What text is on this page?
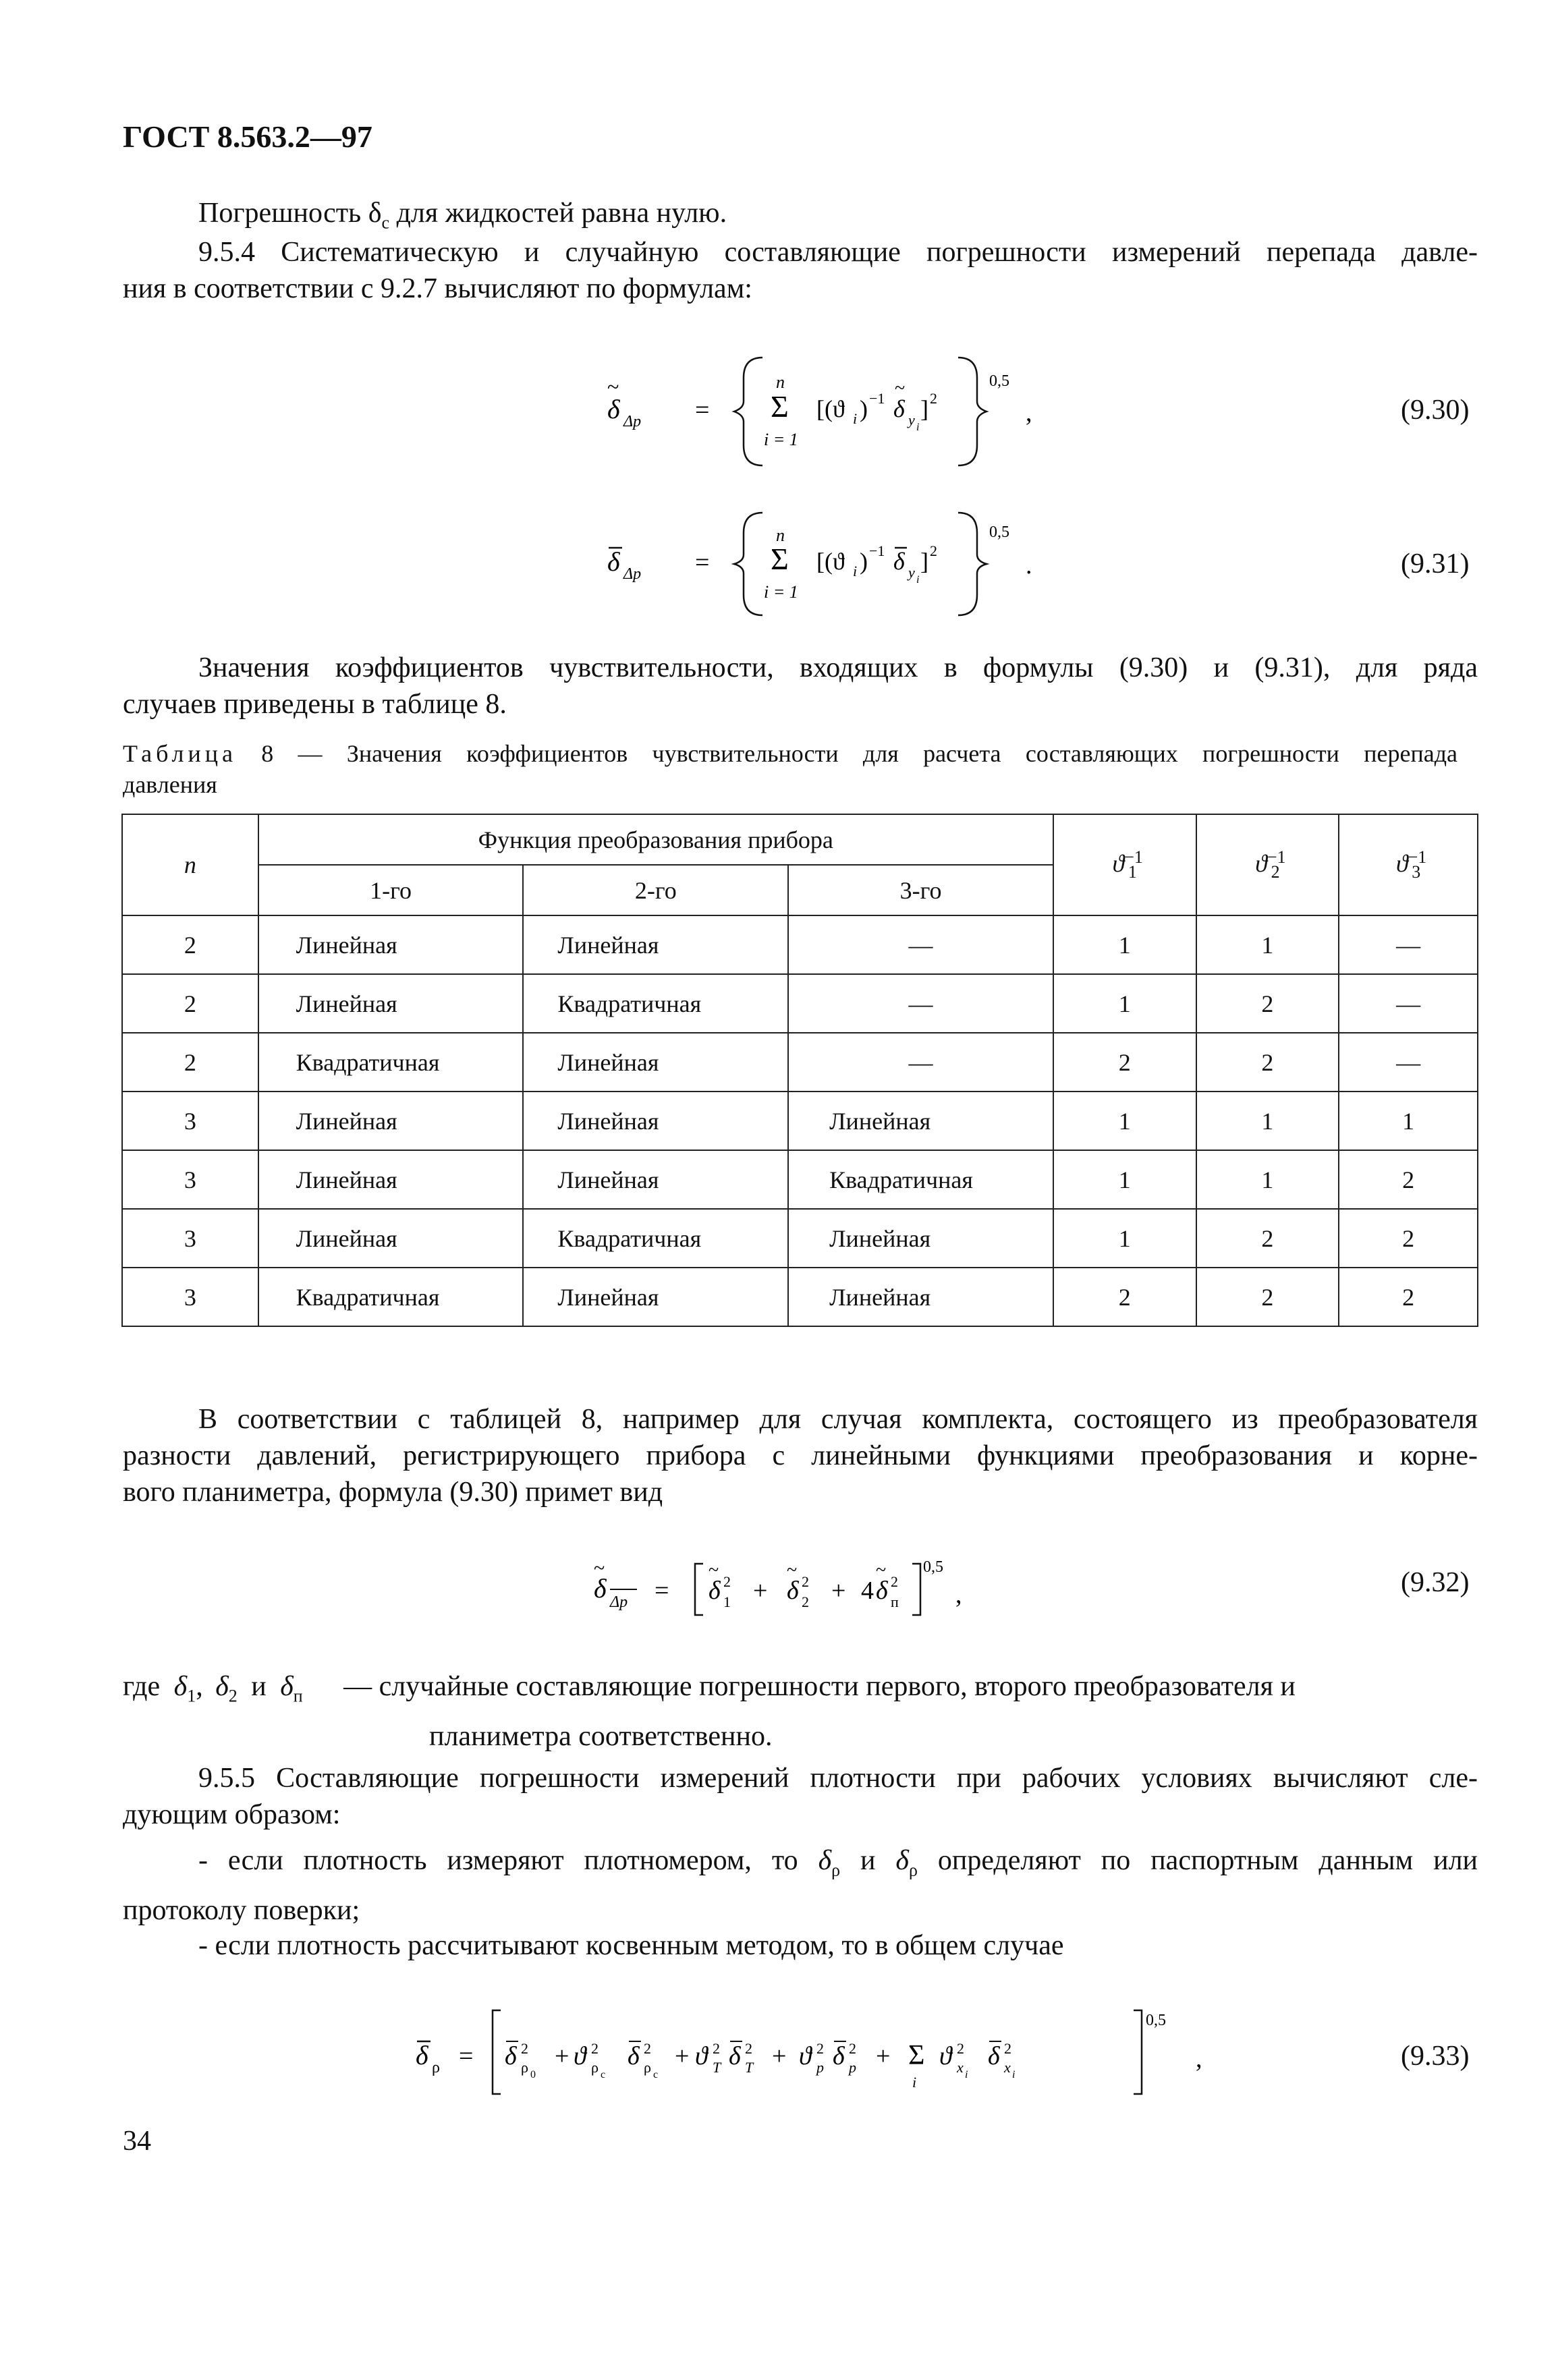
ГОСТ 8.563.2—97
Погрешность $\delta_c$ для жидкостей равна нулю.
9.5.4 Систематическую и случайную составляющие погрешности измерений перепада давле-
ния в соответствии с 9.2.7 вычисляют по формулам:
δ
~
Δp =
n
Σ
i = 1
[(ϑ i ) −1 δ
~
y i
] 2
0,5
,	(9.30)
δ Δp =
n
Σ
i = 1
[(ϑ i ) −1 δ y i
] 2
0,5
.	(9.31)
Значения коэффициентов чувствительности, входящих в формулы (9.30) и (9.31), для ряда
случаев приведены в таблице 8.
Таблица 8 — Значения коэффициентов чувствительности для расчета составляющих погрешности перепада
давления
n	Функция преобразования прибора			$ϑ^{-1}_1$	$ϑ^{-1}_2$	$ϑ^{-1}_3$
	1-го	2-го	3-го			
2	Линейная	Линейная	—	1	1	—
2	Линейная	Квадратичная	—	1	2	—
2	Квадратичная	Линейная	—	2	2	—
3	Линейная	Линейная	Линейная	1	1	1
3	Линейная	Линейная	Квадратичная	1	1	2
3	Линейная	Квадратичная	Линейная	1	2	2
3	Квадратичная	Линейная	Линейная	2	2	2
В соответствии с таблицей 8, например для случая комплекта, состоящего из преобразователя
разности давлений, регистрирующего прибора с линейными функциями преобразования и корне-
вого планиметра, формула (9.30) примет вид
δ
~
Δp = δ
~
2
1 + δ
~
2
2 + 4 δ
~
2
п
0,5
,	(9.32)
где $\delta_1$, $\delta_2$ и $\delta_п$ — случайные составляющие погрешности первого, второго преобразователя и
планиметра соответственно.
9.5.5 Составляющие погрешности измерений плотности при рабочих условиях вычисляют сле-
дующим образом:
- если плотность измеряют плотномером, то $\delta_\rho$ и $\delta_\rho$ определяют по паспортным данным или
протоколу поверки;
- если плотность рассчитывают косвенным методом, то в общем случае
δ ρ = δ 2
ρ 0
+ ϑ 2
ρ c
δ 2
ρ c
+ ϑ 2
T δ 2
T + ϑ 2
p δ 2
p + Σ
i
ϑ 2
x i
δ 2
x i
0,5
,	(9.33)
34
